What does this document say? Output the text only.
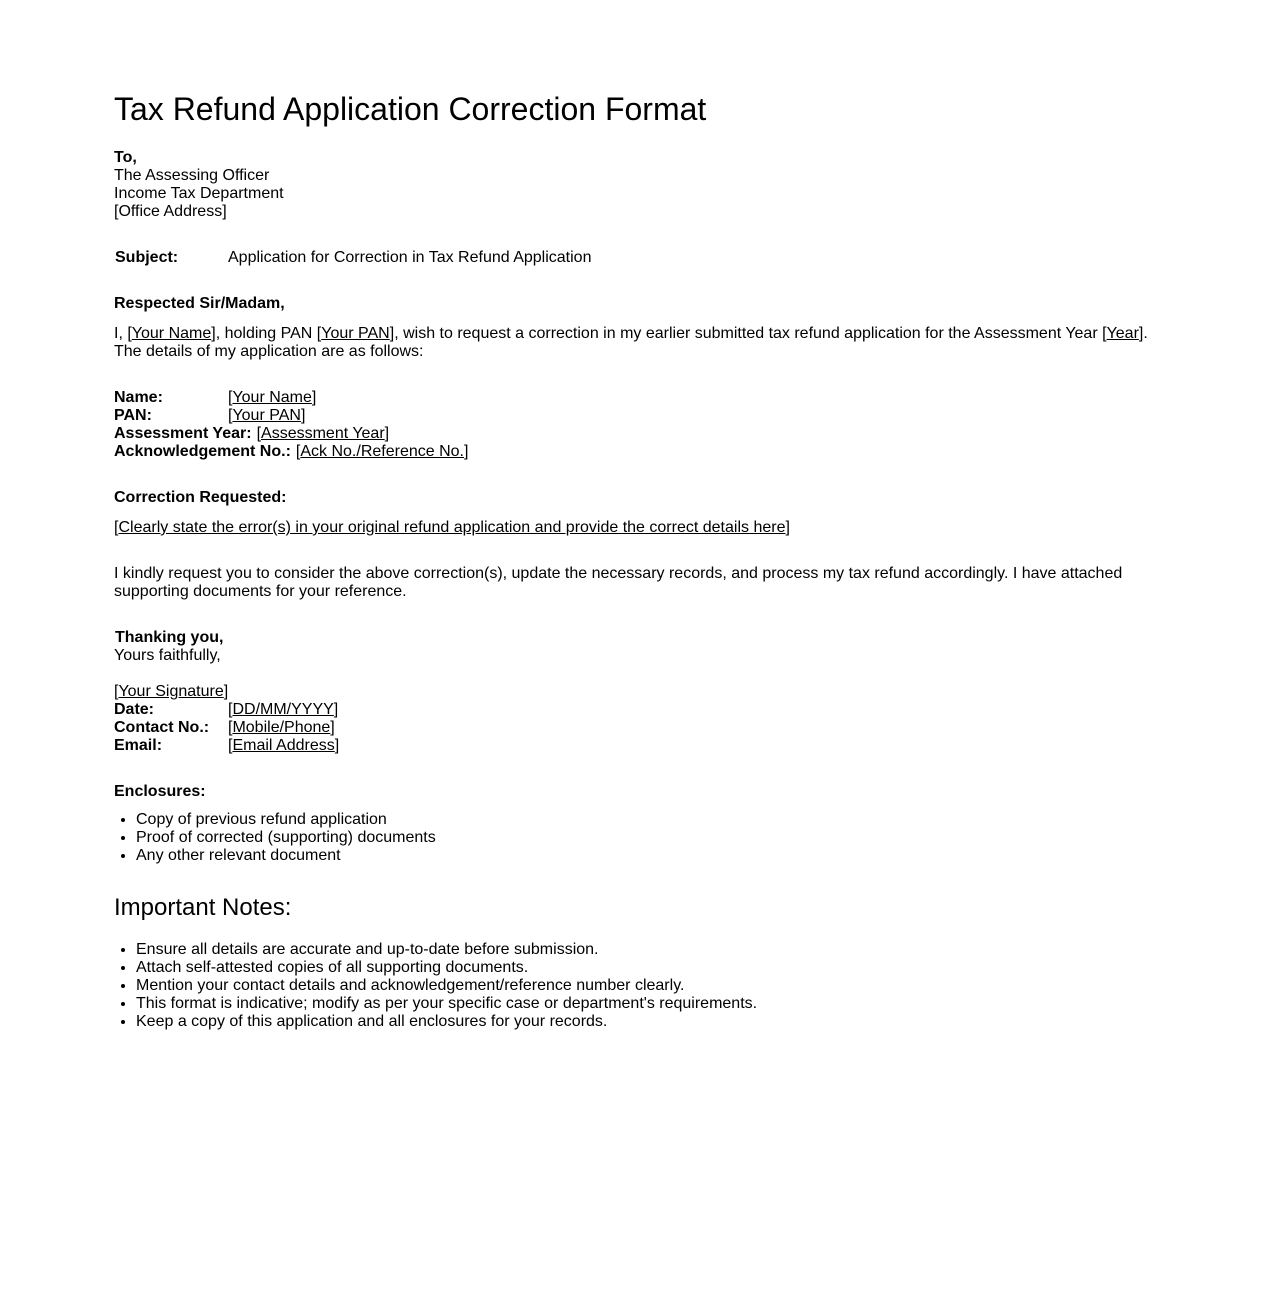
Tax Refund Application Correction Format
To,
The Assessing Officer
Income Tax Department
[Office Address]
Subject:	Application for Correction in Tax Refund Application
Respected Sir/Madam,
I, [Your Name], holding PAN [Your PAN], wish to request a correction in my earlier submitted tax refund application for the Assessment Year [Year].
The details of my application are as follows:
Name:	[Your Name]
PAN:	[Your PAN]
Assessment Year: [Assessment Year]
Acknowledgement No.: [Ack No./Reference No.]
Correction Requested:
[Clearly state the error(s) in your original refund application and provide the correct details here]
I kindly request you to consider the above correction(s), update the necessary records, and process my tax refund accordingly. I have attached
supporting documents for your reference.
Thanking you,
Yours faithfully,
[Your Signature]
Date:	[DD/MM/YYYY]
Contact No.: [Mobile/Phone]
Email:	[Email Address]
Enclosures:
• Copy of previous refund application
• Proof of corrected (supporting) documents
• Any other relevant document
Important Notes:
• Ensure all details are accurate and up-to-date before submission.
• Attach self-attested copies of all supporting documents.
• Mention your contact details and acknowledgement/reference number clearly.
• This format is indicative; modify as per your specific case or department's requirements.
• Keep a copy of this application and all enclosures for your records.
